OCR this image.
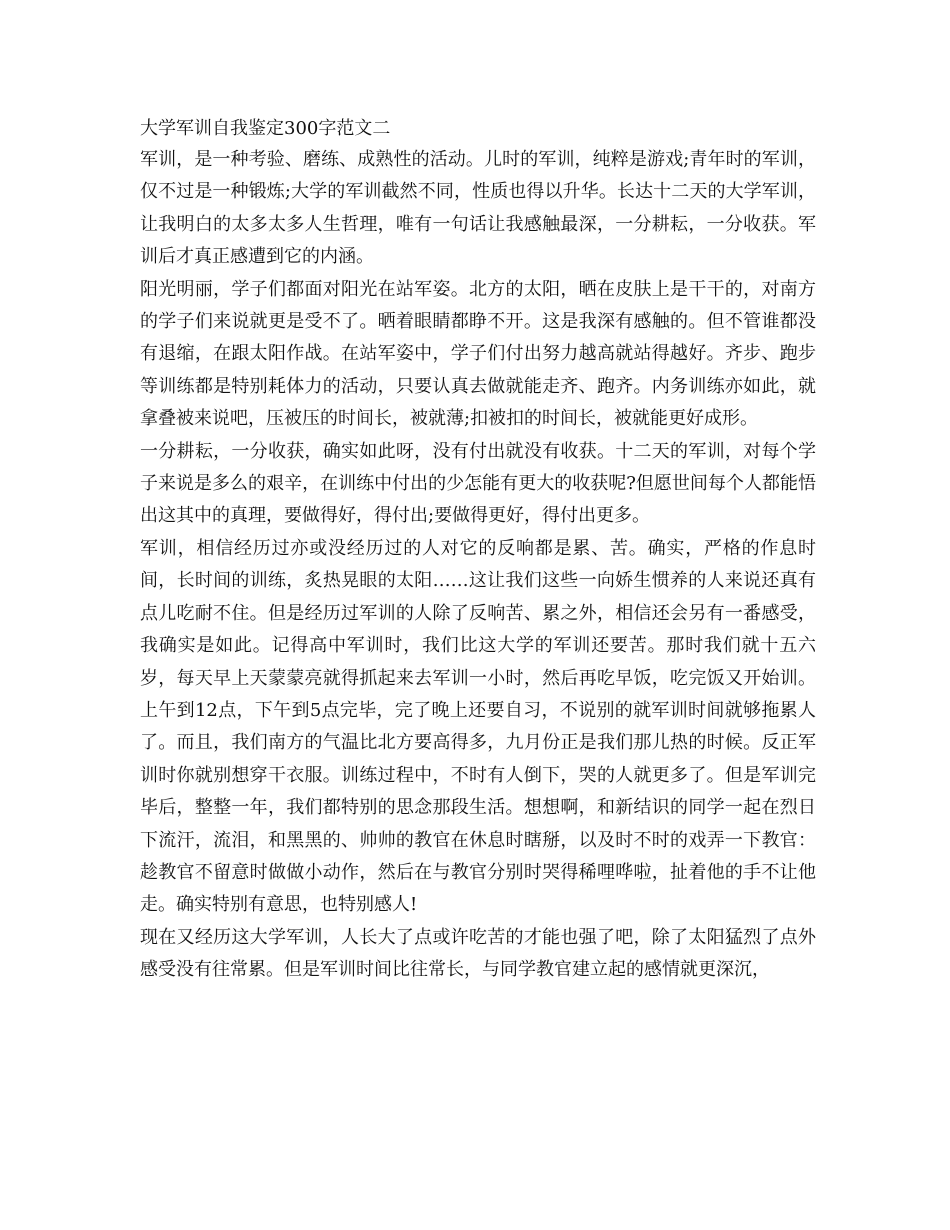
大学军训自我鉴定300字范文二

军训，是一种考验、磨练、成熟性的活动。儿时的军训，纯粹是游戏;青年时的军训，仅不过是一种锻炼;大学的军训截然不同，性质也得以升华。长达十二天的大学军训，让我明白的太多太多人生哲理，唯有一句话让我感触最深，一分耕耘，一分收获。军训后才真正感遭到它的内涵。

阳光明丽，学子们都面对阳光在站军姿。北方的太阳，晒在皮肤上是干干的，对南方的学子们来说就更是受不了。晒着眼睛都睁不开。这是我深有感触的。但不管谁都没有退缩，在跟太阳作战。在站军姿中，学子们付出努力越高就站得越好。齐步、跑步等训练都是特别耗体力的活动，只要认真去做就能走齐、跑齐。内务训练亦如此，就拿叠被来说吧，压被压的时间长，被就薄;扣被扣的时间长，被就能更好成形。

一分耕耘，一分收获，确实如此呀，没有付出就没有收获。十二天的军训，对每个学子来说是多么的艰辛，在训练中付出的少怎能有更大的收获呢?但愿世间每个人都能悟出这其中的真理，要做得好，得付出;要做得更好，得付出更多。

军训，相信经历过亦或没经历过的人对它的反响都是累、苦。确实，严格的作息时间，长时间的训练，炙热晃眼的太阳……这让我们这些一向娇生惯养的人来说还真有点儿吃耐不住。但是经历过军训的人除了反响苦、累之外，相信还会另有一番感受，我确实是如此。记得高中军训时，我们比这大学的军训还要苦。那时我们就十五六岁，每天早上天蒙蒙亮就得抓起来去军训一小时，然后再吃早饭，吃完饭又开始训。上午到12点，下午到5点完毕，完了晚上还要自习，不说别的就军训时间就够拖累人了。而且，我们南方的气温比北方要高得多，九月份正是我们那儿热的时候。反正军训时你就别想穿干衣服。训练过程中，不时有人倒下，哭的人就更多了。但是军训完毕后，整整一年，我们都特别的思念那段生活。想想啊，和新结识的同学一起在烈日下流汗，流泪，和黑黑的、帅帅的教官在休息时瞎掰，以及时不时的戏弄一下教官：趁教官不留意时做做小动作，然后在与教官分别时哭得稀哩哗啦，扯着他的手不让他走。确实特别有意思，也特别感人!

现在又经历这大学军训，人长大了点或许吃苦的才能也强了吧，除了太阳猛烈了点外感受没有往常累。但是军训时间比往常长，与同学教官建立起的感情就更深沉，
